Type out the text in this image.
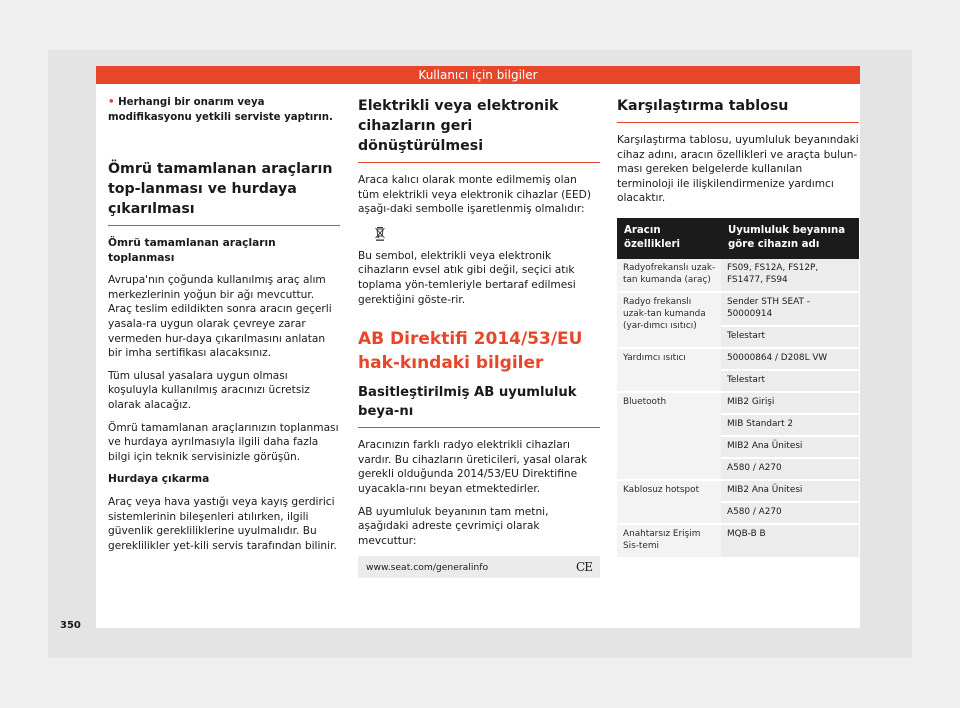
Kullanıcı için bilgiler

• Herhangi bir onarım veya modifikasyonu yetkili serviste yaptırın.

Ömrü tamamlanan araçların top-lanması ve hurdaya çıkarılması

Ömrü tamamlanan araçların toplanması

Avrupa'nın çoğunda kullanılmış araç alım merkezlerinin yoğun bir ağı mevcuttur. Araç teslim edildikten sonra aracın geçerli yasala-ra uygun olarak çevreye zarar vermeden hur-daya çıkarılmasını anlatan bir imha sertifikası alacaksınız.

Tüm ulusal yasalara uygun olması koşuluyla kullanılmış aracınızı ücretsiz olarak alacağız.

Ömrü tamamlanan araçlarınızın toplanması ve hurdaya ayrılmasıyla ilgili daha fazla bilgi için teknik servisinizle görüşün.

Hurdaya çıkarma

Araç veya hava yastığı veya kayış gerdirici sistemlerinin bileşenleri atılırken, ilgili güvenlik gerekliliklerine uyulmalıdır. Bu gereklilikler yet-kili servis tarafından bilinir.

Elektrikli veya elektronik cihazların geri dönüştürülmesi

Araca kalıcı olarak monte edilmemiş olan tüm elektrikli veya elektronik cihazlar (EED) aşağı-daki sembolle işaretlenmiş olmalıdır:

Bu sembol, elektrikli veya elektronik cihazların evsel atık gibi değil, seçici atık toplama yön-temleriyle bertaraf edilmesi gerektiğini göste-rir.

AB Direktifi 2014/53/EU hak-kındaki bilgiler
Basitleştirilmiş AB uyumluluk beya-nı

Aracınızın farklı radyo elektrikli cihazları vardır. Bu cihazların üreticileri, yasal olarak gerekli olduğunda 2014/53/EU Direktifine uyacakla-rını beyan etmektedirler.

AB uyumluluk beyanının tam metni, aşağıdaki adreste çevrimiçi olarak mevcuttur:

www.seat.com/generalinfo	CE
Karşılaştırma tablosu

Karşılaştırma tablosu, uyumluluk beyanındaki cihaz adını, aracın özellikleri ve araçta bulun-ması gereken belgelerde kullanılan terminoloji ile ilişkilendirmenize yardımcı olacaktır.

Aracın özellikleri	Uyumluluk beyanına göre cihazın adı
Radyofrekanslı uzak-tan kumanda (araç)	FS09, FS12A, FS12P, FS1477, FS94
Radyo frekanslı uzak-tan kumanda (yar-dımcı ısıtıcı)	Sender STH SEAT - 50000914
	Telestart
Yardımcı ısıtıcı	50000864 / D208L VW
	Telestart
Bluetooth	MIB2 Girişi
	MIB Standart 2
	MIB2 Ana Ünitesi
	A580 / A270
Kablosuz hotspot	MIB2 Ana Ünitesi
	A580 / A270
Anahtarsız Erişim Sis-temi	MQB-B B
350
